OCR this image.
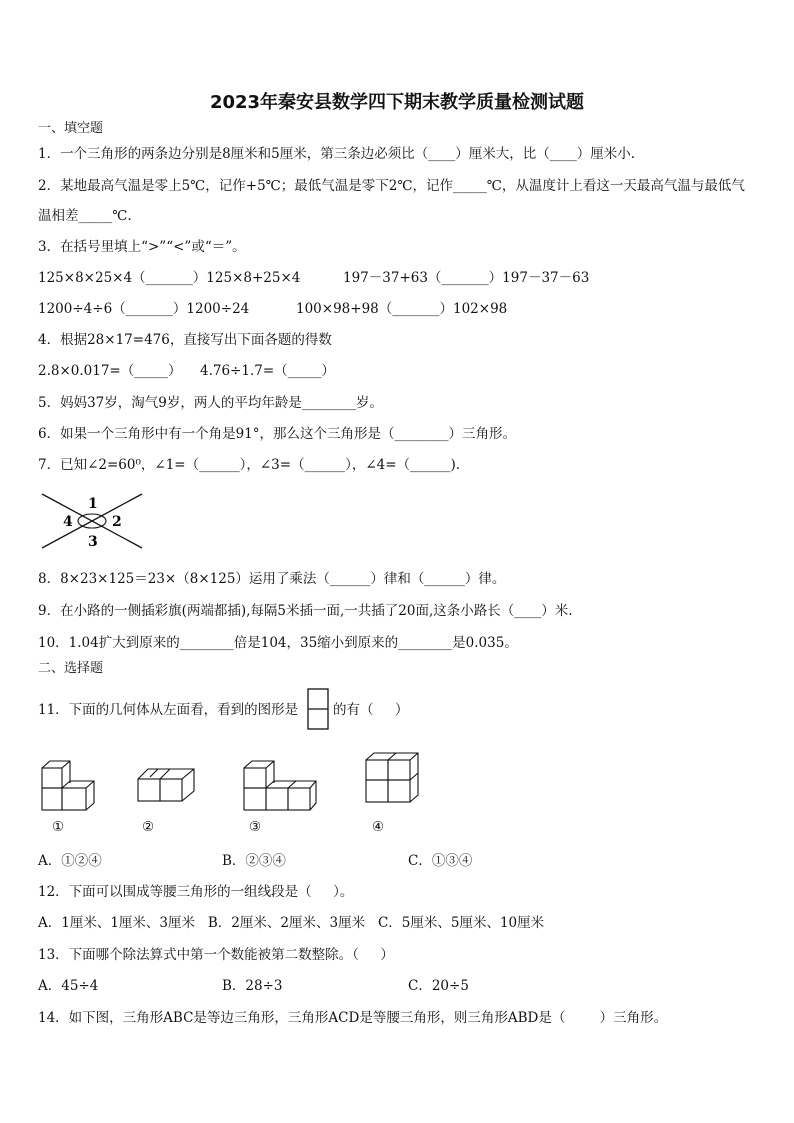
2023年秦安县数学四下期末教学质量检测试题
一、填空题
1．一个三角形的两条边分别是8厘米和5厘米，第三条边必须比（____）厘米大，比（____）厘米小.
2．某地最高气温是零上5℃，记作+5℃；最低气温是零下2℃，记作_____℃，从温度计上看这一天最高气温与最低气
温相差_____℃.
3．在括号里填上“>”“<”或“＝”。
125×8×25×4（_______）125×8+25×4	197－37+63（_______）197－37－63
1200÷4÷6（_______）1200÷24	100×98+98（_______）102×98
4．根据28×17=476，直接写出下面各题的得数
2.8×0.017=（_____） 4.76÷1.7=（_____）
5．妈妈37岁，淘气9岁，两人的平均年龄是________岁。
6．如果一个三角形中有一个角是91°，那么这个三角形是（________）三角形。
7．已知∠2=60⁰，∠1=（______），∠3=（______），∠4=（______).
1
2
3
4
8．8×23×125＝23×（8×125）运用了乘法（______）律和（______）律。
9．在小路的一侧插彩旗(两端都插),每隔5米插一面,一共插了20面,这条小路长（____）米.
10．1.04扩大到原来的________倍是104，35缩小到原来的________是0.035。
二、选择题
11．下面的几何体从左面看，看到的图形是	的有（     ）
①	②	③	④
A．①②④	B．②③④	C．①③④
12．下面可以围成等腰三角形的一组线段是（     ）。
A．1厘米、1厘米、3厘米   B．2厘米、2厘米、3厘米   C．5厘米、5厘米、10厘米
13．下面哪个除法算式中第一个数能被第二数整除。（     ）
A．45÷4	B．28÷3	C．20÷5
14．如下图，三角形ABC是等边三角形，三角形ACD是等腰三角形，则三角形ABD是（        ）三角形。
